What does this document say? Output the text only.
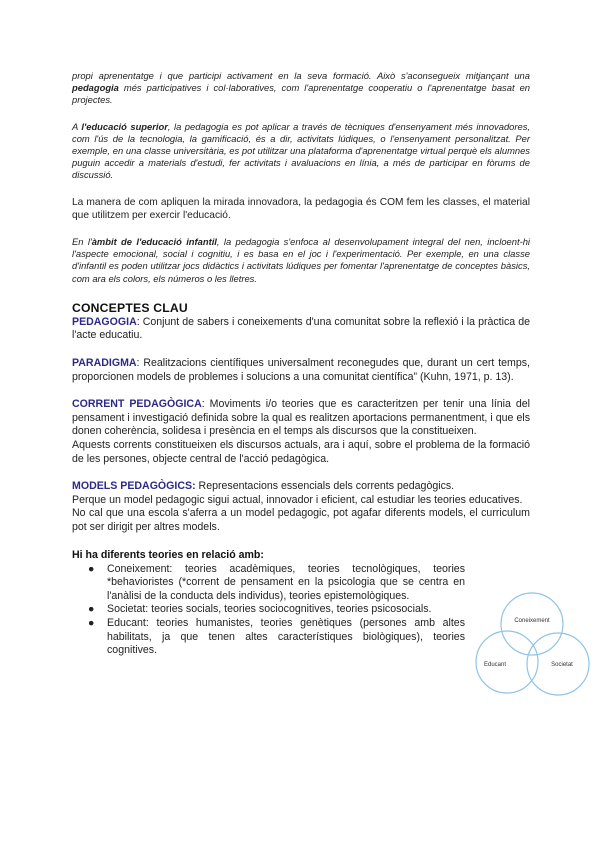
propi aprenentatge i que participi activament en la seva formació. Això s'aconsegueix mitjançant una pedagogia més participatives i col·laboratives, com l'aprenentatge cooperatiu o l'aprenentatge basat en projectes.

A l'educació superior, la pedagogia es pot aplicar a través de tècniques d'ensenyament més innovadores, com l'ús de la tecnologia, la gamificació, és a dir, activitats lúdiques, o l'ensenyament personalitzat. Per exemple, en una classe universitària, es pot utilitzar una plataforma d'aprenentatge virtual perquè els alumnes puguin accedir a materials d'estudi, fer activitats i avaluacions en línia, a més de participar en fòrums de discussió.

La manera de com apliquen la mirada innovadora, la pedagogia és COM fem les classes, el material que utilitzem per exercir l'educació.

En l'àmbit de l'educació infantil, la pedagogia s'enfoca al desenvolupament integral del nen, incloent-hi l'aspecte emocional, social i cognitiu, i es basa en el joc i l'experimentació. Per exemple, en una classe d'infantil es poden utilitzar jocs didàctics i activitats lúdiques per fomentar l'aprenentatge de conceptes bàsics, com ara els colors, els números o les lletres.

CONCEPTES CLAU

PEDAGOGIA: Conjunt de sabers i coneixements d'una comunitat sobre la reflexió i la pràctica de l'acte educatiu.

PARADIGMA: Realitzacions científiques universalment reconegudes que, durant un cert temps, proporcionen models de problemes i solucions a una comunitat científica” (Kuhn, 1971, p. 13).

CORRENT PEDAGÒGICA: Moviments i/o teories que es caracteritzen per tenir una línia del pensament i investigació definida sobre la qual es realitzen aportacions permanentment, i que els donen coherència, solidesa i presència en el temps als discursos que la constitueixen.

Aquests corrents constitueixen els discursos actuals, ara i aquí, sobre el problema de la formació de les persones, objecte central de l'acció pedagògica.

MODELS PEDAGÒGICS: Representacions essencials dels corrents pedagògics.

Perque un model pedagogic sigui actual, innovador i eficient, cal estudiar les teories educatives.

No cal que una escola s'aferra a un model pedagogic, pot agafar diferents models, el curriculum pot ser dirigit per altres models.

Hi ha diferents teories en relació amb:
● Coneixement: teories acadèmiques, teories tecnològiques, teories *behavioristes (*corrent de pensament en la psicologia que se centra en l'anàlisi de la conducta dels individus), teories epistemològiques.
● Societat: teories socials, teories sociocognitives, teories psicosocials.
● Educant: teories humanistes, teories genètiques (persones amb altes habilitats, ja que tenen altes característiques biològiques), teories cognitives.
Coneixement
Educant	Societat
